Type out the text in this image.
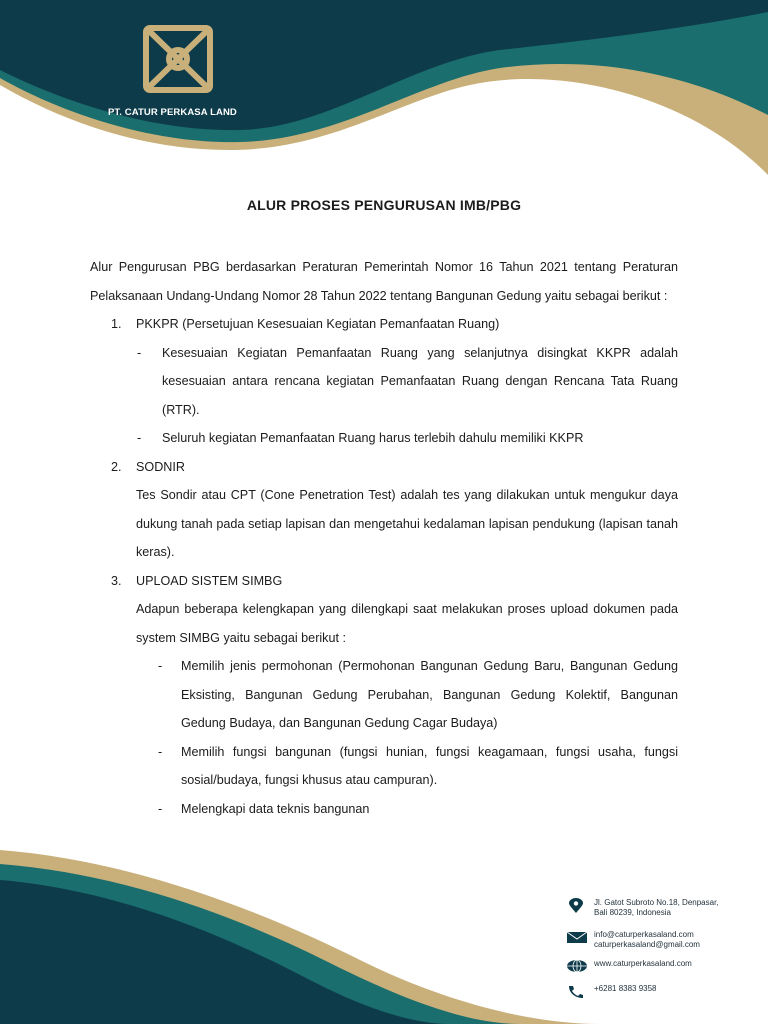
PT. CATUR PERKASA LAND
ALUR PROSES PENGURUSAN IMB/PBG

Alur Pengurusan PBG berdasarkan Peraturan Pemerintah Nomor 16 Tahun 2021 tentang Peraturan Pelaksanaan Undang-Undang Nomor 28 Tahun 2022 tentang Bangunan Gedung yaitu sebagai berikut :

1. PKKPR (Persetujuan Kesesuaian Kegiatan Pemanfaatan Ruang)
- Kesesuaian Kegiatan Pemanfaatan Ruang yang selanjutnya disingkat KKPR adalah kesesuaian antara rencana kegiatan Pemanfaatan Ruang dengan Rencana Tata Ruang (RTR).
- Seluruh kegiatan Pemanfaatan Ruang harus terlebih dahulu memiliki KKPR
2. SODNIR

Tes Sondir atau CPT (Cone Penetration Test) adalah tes yang dilakukan untuk mengukur daya dukung tanah pada setiap lapisan dan mengetahui kedalaman lapisan pendukung (lapisan tanah keras).

3. UPLOAD SISTEM SIMBG

Adapun beberapa kelengkapan yang dilengkapi saat melakukan proses upload dokumen pada system SIMBG yaitu sebagai berikut :

- Memilih jenis permohonan (Permohonan Bangunan Gedung Baru, Bangunan Gedung Eksisting, Bangunan Gedung Perubahan, Bangunan Gedung Kolektif, Bangunan Gedung Budaya, dan Bangunan Gedung Cagar Budaya)
- Memilih fungsi bangunan (fungsi hunian, fungsi keagamaan, fungsi usaha, fungsi sosial/budaya, fungsi khusus atau campuran).
- Melengkapi data teknis bangunan
Jl. Gatot Subroto No.18, Denpasar,
Bali 80239, Indonesia
info@caturperkasaland.com
caturperkasaland@gmail.com
www.caturperkasaland.com
+6281 8383 9358
